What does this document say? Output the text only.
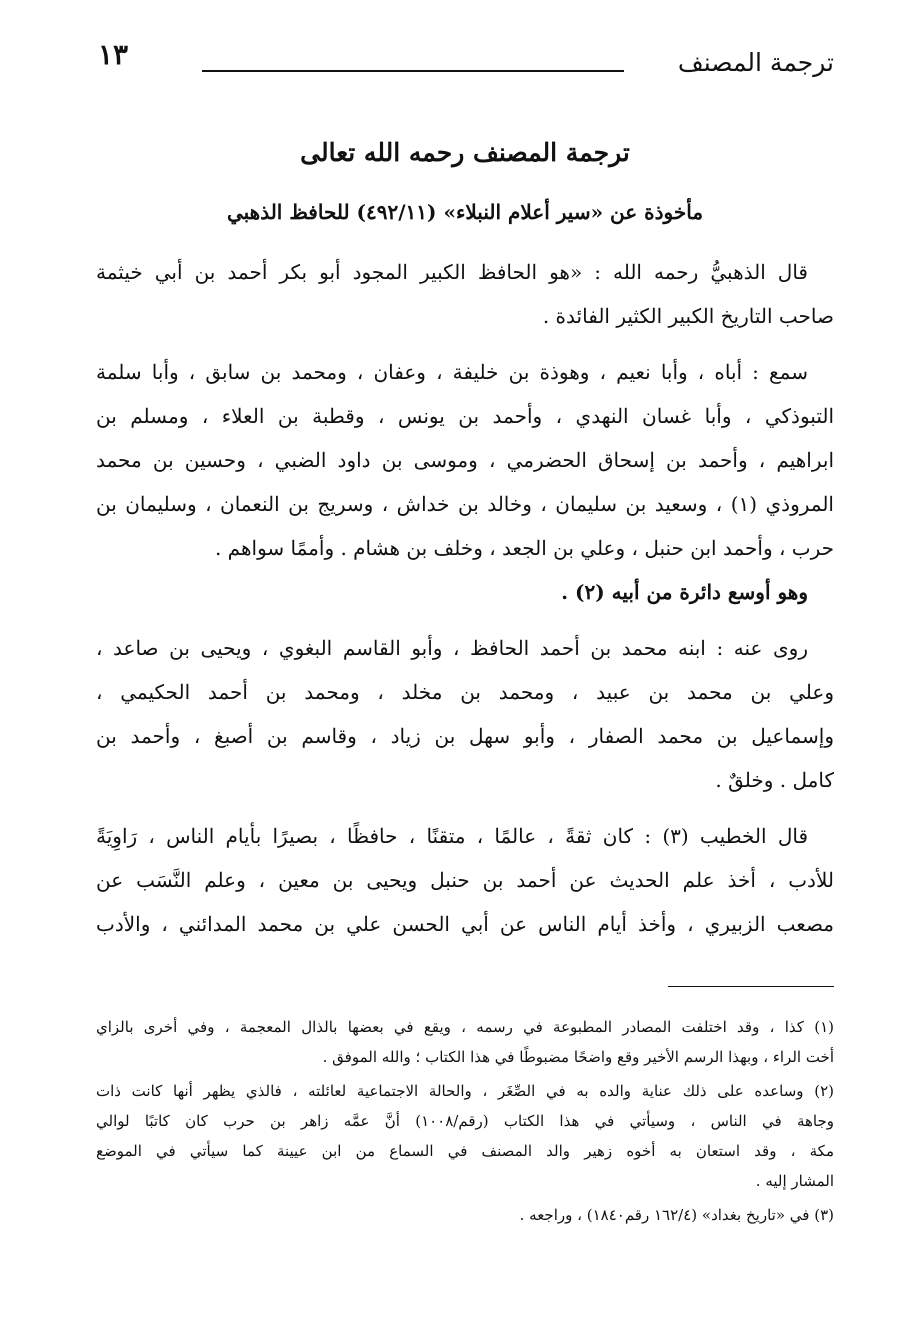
ترجمة المصنف
١٣
ترجمة المصنف رحمه الله تعالى
مأخوذة عن «سير أعلام النبلاء» (٤٩٢/١١) للحافظ الذهبي
قال الذهبيُّ رحمه الله : «هو الحافظ الكبير المجود أبو بكر أحمد بن أبي خيثمة
صاحب التاريخ الكبير الكثير الفائدة .
سمع : أباه ، وأبا نعيم ، وهوذة بن خليفة ، وعفان ، ومحمد بن سابق ، وأبا سلمة
التبوذكي ، وأبا غسان النهدي ، وأحمد بن يونس ، وقطبة بن العلاء ، ومسلم بن
ابراهيم ، وأحمد بن إسحاق الحضرمي ، وموسى بن داود الضبي ، وحسين بن محمد
المروذي (١) ، وسعيد بن سليمان ، وخالد بن خداش ، وسريج بن النعمان ، وسليمان بن
حرب ، وأحمد ابن حنبل ، وعلي بن الجعد ، وخلف بن هشام . وأممًا سواهم .
وهو أوسع دائرة من أبيه (٢) .
روى عنه : ابنه محمد بن أحمد الحافظ ، وأبو القاسم البغوي ، ويحيى بن صاعد ،
وعلي بن محمد بن عبيد ، ومحمد بن مخلد ، ومحمد بن أحمد الحكيمي ،
وإسماعيل بن محمد الصفار ، وأبو سهل بن زياد ، وقاسم بن أصبغ ، وأحمد بن
كامل . وخلقٌ .
قال الخطيب (٣) : كان ثقةً ، عالمًا ، متقنًا ، حافظًا ، بصيرًا بأيام الناس ، رَاوِيَةً
للأدب ، أخذ علم الحديث عن أحمد بن حنبل ويحيى بن معين ، وعلم النَّسَب عن
مصعب الزبيري ، وأخذ أيام الناس عن أبي الحسن علي بن محمد المدائني ، والأدب
(١) كذا ، وقد اختلفت المصادر المطبوعة في رسمه ، ويقع في بعضها بالذال المعجمة ، وفي أخرى بالزاي
أخت الراء ، وبهذا الرسم الأخير وقع واضحًا مضبوطًا في هذا الكتاب ؛ والله الموفق .
(٢) وساعده على ذلك عناية والده به في الصِّغَر ، والحالة الاجتماعية لعائلته ، فالذي يظهر أنها كانت ذات
وجاهة في الناس ، وسيأتي في هذا الكتاب (رقم/١٠٠٨) أنَّ عمَّه زاهر بن حرب كان كاتبًا لوالي
مكة ، وقد استعان به أخوه زهير والد المصنف في السماع من ابن عيينة كما سيأتي في الموضع
المشار إليه .
(٣) في «تاريخ بغداد» (١٦٢/٤ رقم١٨٤٠) ، وراجعه .
